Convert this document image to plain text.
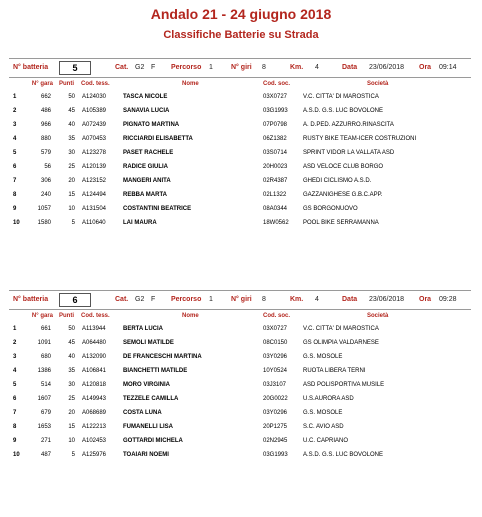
Andalo 21 - 24 giugno 2018
Classifiche Batterie su Strada
N° batteria	5	Cat. G2 F Percorso 1	N° giri 8	Km. 4	Data 23/06/2018 Ora 09:14
N° gara Punti Cod. tess.	Nome	Cod. soc.	Società
1	662	50 A124030	TASCA NICOLE	03X0727	V.C. CITTA' DI MAROSTICA
2	486	45 A105389	SANAVIA LUCIA	03G1993	A.S.D. G.S. LUC BOVOLONE
3	966	40 A072439	PIGNATO MARTINA	07P0798	A. D.PED. AZZURRO.RINASCITA
4	880	35 A070453	RICCIARDI ELISABETTA	06Z1382	RUSTY BIKE TEAM-ICER COSTRUZIONI
5	579	30 A123278	PASET RACHELE	03S0714	SPRINT VIDOR LA VALLATA ASD
6	56	25 A120139	RADICE GIULIA	20H0023	ASD VELOCE CLUB BORGO
7	306	20 A123152	MANGERI ANITA	02R4387	GHEDI CICLISMO A.S.D.
8	240	15 A124494	REBBA MARTA	02L1322	GAZZANIGHESE G.B.C.APP.
9	1057	10 A131504	COSTANTINI BEATRICE	08A0344	GS BORGONUOVO
10	1580	5 A110640	LAI MAURA	18W0562 POOL BIKE SERRAMANNA
N° batteria	6	Cat. G2 F Percorso 1	N° giri 8	Km. 4	Data 23/06/2018 Ora 09:28
N° gara Punti Cod. tess.	Nome	Cod. soc.	Società
1	661	50 A113944	BERTA LUCIA	03X0727	V.C. CITTA' DI MAROSTICA
2	1091	45 A064480	SEMOLI MATILDE	08C0150	GS OLIMPIA VALDARNESE
3	680	40 A132090	DE FRANCESCHI MARTINA	03Y0296	G.S. MOSOLE
4	1386	35 A106841	BIANCHETTI MATILDE	10Y0524	RUOTA LIBERA TERNI
5	514	30 A120818	MORO VIRGINIA	03J3107	ASD POLISPORTIVA MUSILE
6	1607	25 A149943	TEZZELE CAMILLA	20G0022	U.S.AURORA ASD
7	679	20 A068689	COSTA LUNA	03Y0296	G.S. MOSOLE
8	1653	15 A122213	FUMANELLI LISA	20P1275	S.C. AVIO ASD
9	271	10 A102453	GOTTARDI MICHELA	02N2945	U.C. CAPRIANO
10	487	5 A125976	TOAIARI NOEMI	03G1993	A.S.D. G.S. LUC BOVOLONE
